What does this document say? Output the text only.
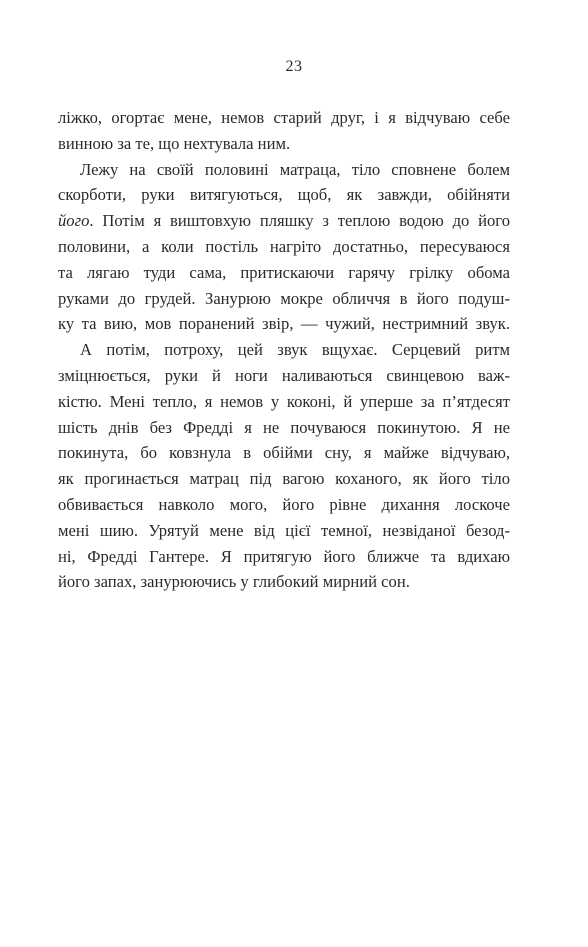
23
ліжко, огортає мене, немов старий друг, і я відчуваю себе
винною за те, що нехтувала ним.
Лежу на своїй половині матраца, тіло сповнене болем
скорботи, руки витягуються, щоб, як завжди, обійняти
його. Потім я виштовхую пляшку з теплою водою до його
половини, а коли постіль нагріто достатньо, пересуваюся
та лягаю туди сама, притискаючи гарячу грілку обома
руками до грудей. Занурюю мокре обличчя в його подуш-
ку та вию, мов поранений звір, — чужий, нестримний звук.
А потім, потроху, цей звук вщухає. Серцевий ритм
зміцнюється, руки й ноги наливаються свинцевою важ-
кістю. Мені тепло, я немов у коконі, й уперше за п’ятдесят
шість днів без Фредді я не почуваюся покинутою. Я не
покинута, бо ковзнула в обійми сну, я майже відчуваю,
як прогинається матрац під вагою коханого, як його тіло
обвивається навколо мого, його рівне дихання лоскоче
мені шию. Урятуй мене від цієї темної, незвіданої безод-
ні, Фредді Гантере. Я притягую його ближче та вдихаю
його запах, занурюючись у глибокий мирний сон.
